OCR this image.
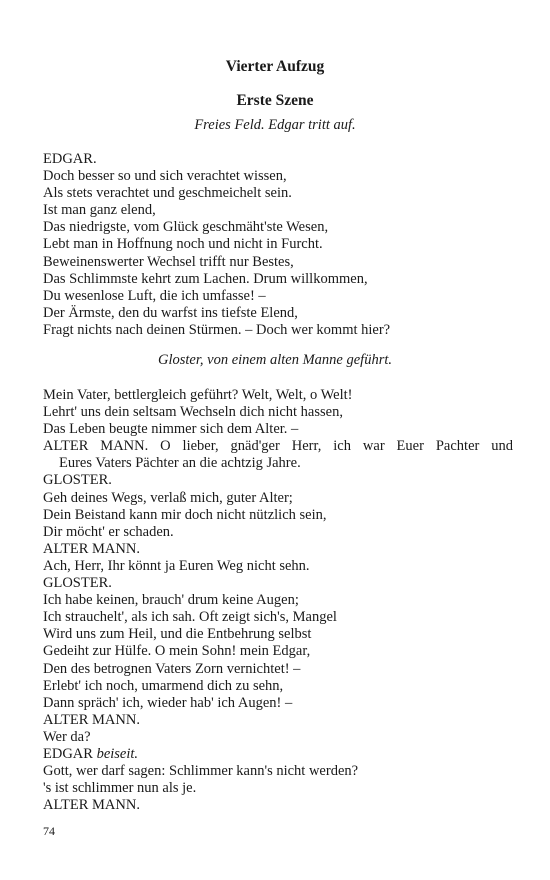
Vierter Aufzug
Erste Szene
Freies Feld. Edgar tritt auf.
EDGAR.
Doch besser so und sich verachtet wissen,
Als stets verachtet und geschmeichelt sein.
Ist man ganz elend,
Das niedrigste, vom Glück geschmäht'ste Wesen,
Lebt man in Hoffnung noch und nicht in Furcht.
Beweinenswerter Wechsel trifft nur Bestes,
Das Schlimmste kehrt zum Lachen. Drum willkommen,
Du wesenlose Luft, die ich umfasse! –
Der Ärmste, den du warfst ins tiefste Elend,
Fragt nichts nach deinen Stürmen. – Doch wer kommt hier?
Gloster, von einem alten Manne geführt.
Mein Vater, bettlergleich geführt? Welt, Welt, o Welt!
Lehrt' uns dein seltsam Wechseln dich nicht hassen,
Das Leben beugte nimmer sich dem Alter. –
ALTER MANN. O lieber, gnäd'ger Herr, ich war Euer Pachter und
Eures Vaters Pächter an die achtzig Jahre.
GLOSTER.
Geh deines Wegs, verlaß mich, guter Alter;
Dein Beistand kann mir doch nicht nützlich sein,
Dir möcht' er schaden.
ALTER MANN.
Ach, Herr, Ihr könnt ja Euren Weg nicht sehn.
GLOSTER.
Ich habe keinen, brauch' drum keine Augen;
Ich strauchelt', als ich sah. Oft zeigt sich's, Mangel
Wird uns zum Heil, und die Entbehrung selbst
Gedeiht zur Hülfe. O mein Sohn! mein Edgar,
Den des betrognen Vaters Zorn vernichtet! –
Erlebt' ich noch, umarmend dich zu sehn,
Dann spräch' ich, wieder hab' ich Augen! –
ALTER MANN.
Wer da?
EDGAR beiseit.
Gott, wer darf sagen: Schlimmer kann's nicht werden?
's ist schlimmer nun als je.
ALTER MANN.
74
